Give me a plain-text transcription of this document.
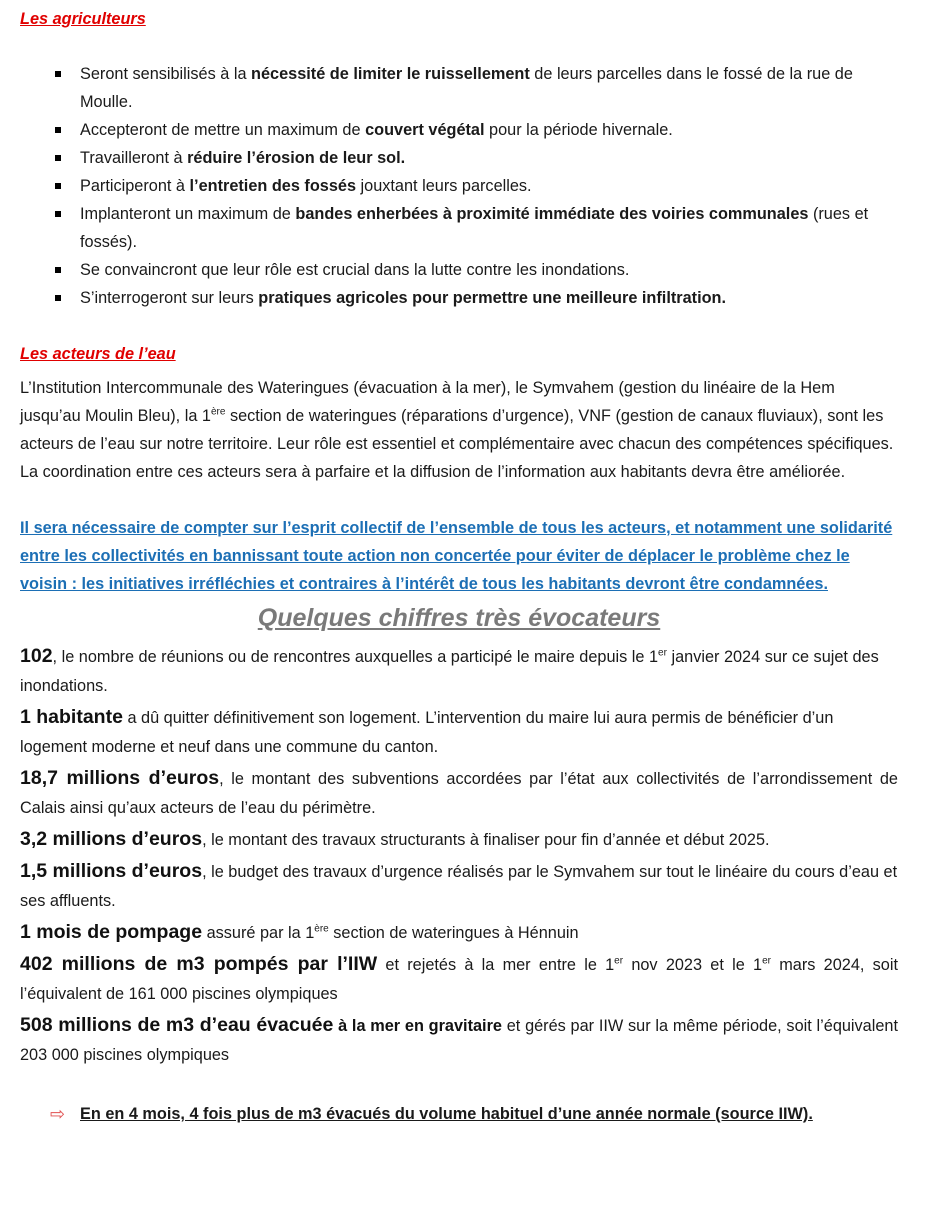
Les agriculteurs

Seront sensibilisés à la nécessité de limiter le ruissellement de leurs parcelles dans le fossé de la rue de Moulle.
Accepteront de mettre un maximum de couvert végétal pour la période hivernale.
Travailleront à réduire l’érosion de leur sol.
Participeront à l’entretien des fossés jouxtant leurs parcelles.
Implanteront un maximum de bandes enherbées à proximité immédiate des voiries communales (rues et fossés).
Se convaincront que leur rôle est crucial dans la lutte contre les inondations.
S’interrogeront sur leurs pratiques agricoles pour permettre une meilleure infiltration.

Les acteurs de l’eau

L’Institution Intercommunale des Wateringues (évacuation à la mer), le Symvahem (gestion du linéaire de la Hem jusqu’au Moulin Bleu), la 1ère section de wateringues (réparations d’urgence), VNF (gestion de canaux fluviaux), sont les acteurs de l’eau sur notre territoire. Leur rôle est essentiel et complémentaire avec chacun des compétences spécifiques.

La coordination entre ces acteurs sera à parfaire et la diffusion de l’information aux habitants devra être améliorée.

Il sera nécessaire de compter sur l’esprit collectif de l’ensemble de tous les acteurs, et notamment une solidarité entre les collectivités en bannissant toute action non concertée pour éviter de déplacer le problème chez le voisin : les initiatives irréfléchies et contraires à l’intérêt de tous les habitants devront être condamnées.

Quelques chiffres très évocateurs

102, le nombre de réunions ou de rencontres auxquelles a participé le maire depuis le 1er janvier 2024 sur ce sujet des inondations.

1 habitante a dû quitter définitivement son logement. L’intervention du maire lui aura permis de bénéficier d’un logement moderne et neuf dans une commune du canton.

18,7 millions d’euros, le montant des subventions accordées par l’état aux collectivités de l’arrondissement de Calais ainsi qu’aux acteurs de l’eau du périmètre.

3,2 millions d’euros, le montant des travaux structurants à finaliser pour fin d’année et début 2025.

1,5 millions d’euros, le budget des travaux d’urgence réalisés par le Symvahem sur tout le linéaire du cours d’eau et ses affluents.

1 mois de pompage assuré par la 1ère section de wateringues à Hénnuin

402 millions de m3 pompés par l’IIW et rejetés à la mer entre le 1er nov 2023 et le 1er mars 2024, soit l’équivalent de 161 000 piscines olympiques

508 millions de m3 d’eau évacuée à la mer en gravitaire et gérés par IIW sur la même période, soit l’équivalent 203 000 piscines olympiques

⇨ En en 4 mois, 4 fois plus de m3 évacués du volume habituel d’une année normale (source IIW).
